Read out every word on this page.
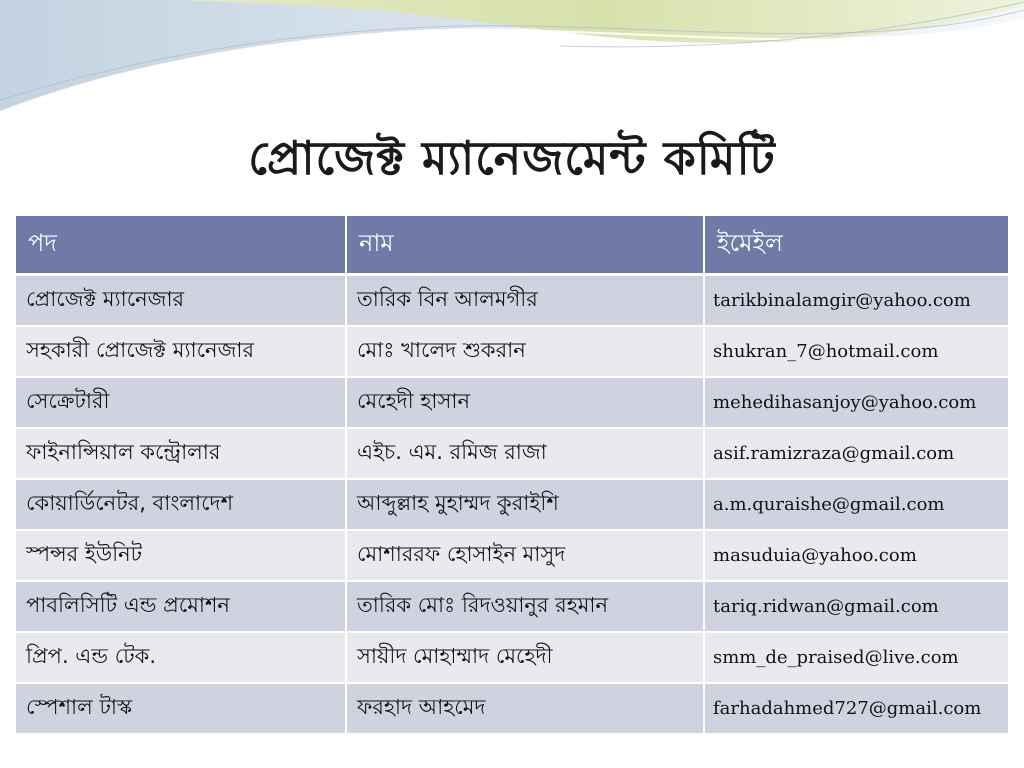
প্রোজেক্ট ম্যানেজমেন্ট কমিটি
পদ	নাম	ইমেইল
প্রোজেক্ট ম্যানেজার	তারিক বিন আলমগীর	tarikbinalamgir@yahoo.com
সহকারী প্রোজেক্ট ম্যানেজার	মোঃ খালেদ শুকরান	shukran_7@hotmail.com
সেক্রেটারী	মেহেদী হাসান	mehedihasanjoy@yahoo.com
ফাইনান্সিয়াল কন্ট্রোলার	এইচ. এম. রমিজ রাজা	asif.ramizraza@gmail.com
কোয়ার্ডিনেটর, বাংলাদেশ	আব্দুল্লাহ মুহাম্মদ কুরাইশি	a.m.quraishe@gmail.com
স্পন্সর ইউনিট	মোশাররফ হোসাইন মাসুদ	masuduia@yahoo.com
পাবলিসিটি এন্ড প্রমোশন	তারিক মোঃ রিদওয়ানুর রহমান	tariq.ridwan@gmail.com
প্রিপ. এন্ড টেক.	সায়ীদ মোহাম্মাদ মেহেদী	smm_de_praised@live.com
স্পেশাল টাস্ক	ফরহাদ আহমেদ	farhadahmed727@gmail.com
